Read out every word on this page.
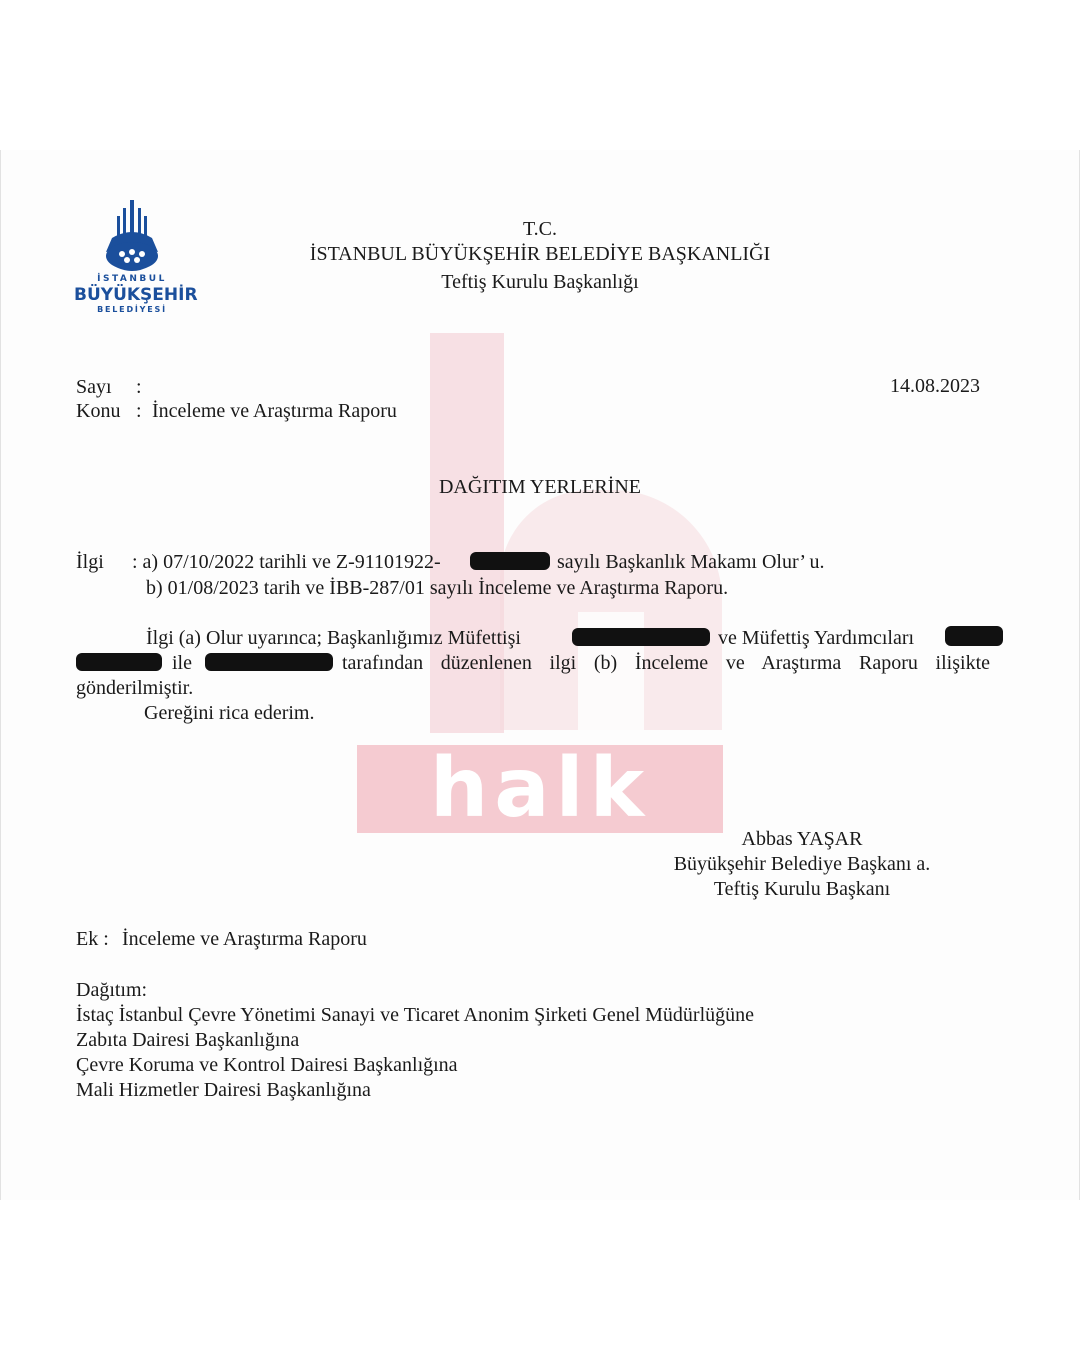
halk
İSTANBUL
BÜYÜKŞEHİR
BELEDİYESİ
T.C.
İSTANBUL BÜYÜKŞEHİR BELEDİYE BAŞKANLIĞI
Teftiş Kurulu Başkanlığı
Sayı :
Konu : İnceleme ve Araştırma Raporu
14.08.2023
DAĞITIM YERLERİNE
İlgi : a) 07/10/2022 tarihli ve Z-91101922-	sayılı Başkanlık Makamı Olur’ u.
b) 01/08/2023 tarih ve İBB-287/01 sayılı İnceleme ve Araştırma Raporu.
İlgi (a) Olur uyarınca; Başkanlığımız Müfettişi	ve Müfettiş Yardımcıları
ile	tarafından düzenlenen ilgi (b) İnceleme ve Araştırma Raporu ilişikte
gönderilmiştir.
Gereğini rica ederim.
Abbas YAŞAR
Büyükşehir Belediye Başkanı a.
Teftiş Kurulu Başkanı
Ek : İnceleme ve Araştırma Raporu
Dağıtım:
İstaç İstanbul Çevre Yönetimi Sanayi ve Ticaret Anonim Şirketi Genel Müdürlüğüne
Zabıta Dairesi Başkanlığına
Çevre Koruma ve Kontrol Dairesi Başkanlığına
Mali Hizmetler Dairesi Başkanlığına
